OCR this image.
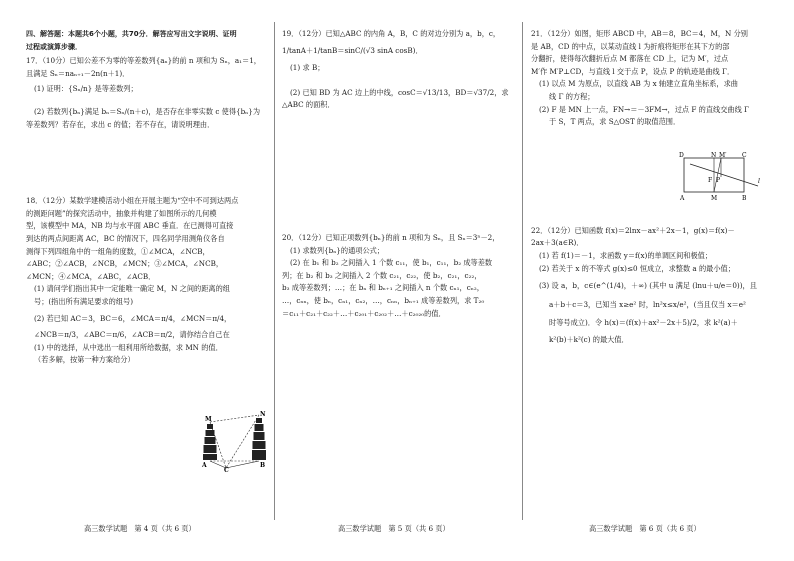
四、解答题：本题共6个小题，共70分．解答应写出文字说明、证明

过程或演算步骤．

17．（10分）已知公差不为零的等差数列{aₙ}的前 n 项和为 Sₙ，a₁＝1，

且满足 Sₙ＝naₙ₊₁－2n(n＋1)．

(1) 证明：{Sₙ/n} 是等差数列；

(2) 若数列{bₙ}满足 bₙ＝Sₙ/(n＋c)，是否存在非零实数 c 使得{bₙ}为

等差数列？若存在，求出 c 的值；若不存在，请说明理由．

18．（12分）某数学建模活动小组在开展主题为“空中不可到达两点

的测距问题”的探究活动中，抽象并构建了如图所示的几何模

型，该模型中 MA，NB 均与水平面 ABC 垂直．在已测得可直接

到达的两点间距离 AC，BC 的情况下，四名同学用测角仪各自

测得下列四组角中的一组角的度数，①∠MCA，∠NCB，

∠ABC；②∠ACB，∠NCB，∠MCN；③∠MCA，∠NCB，

∠MCN；④∠MCA，∠ABC，∠ACB．

(1) 请问学们指出其中一定能唯一确定 M，N 之间的距离的组

号；(指出所有满足要求的组号)

(2) 若已知 AC＝3，BC＝6，∠MCA＝π/4，∠MCN＝π/4，

∠NCB＝π/3，∠ABC＝π/6，∠ACB＝π/2，请你结合自己在

(1) 中的选择，从中选出一组利用所给数据，求 MN 的值．

（若多解，按第一种方案给分）

M
N
A	B
C

19．（12分）已知△ABC 的内角 A，B，C 的对边分别为 a，b，c，

1/tanA＋1/tanB＝sinC/(√3 sinA cosB)．

(1) 求 B；

(2) 已知 BD 为 AC 边上的中线，cosC＝√13/13，BD＝√37/2，求

△ABC 的面积．

20．（12分）已知正项数列{bₙ}的前 n 项和为 Sₙ，且 Sₙ＝3ⁿ－2，

(1) 求数列{bₙ}的通项公式；

(2) 在 b₁ 和 b₂ 之间插入 1 个数 c₁₁，使 b₁，c₁₁，b₂ 成等差数

列；在 b₂ 和 b₃ 之间插入 2 个数 c₂₁，c₂₂，使 b₂，c₂₁，c₂₂，

b₃ 成等差数列；…；在 bₙ 和 bₙ₊₁ 之间插入 n 个数 cₙ₁，cₙ₂，

…，cₙₙ，使 bₙ，cₙ₁，cₙ₂，…，cₙₙ，bₙ₊₁ 成等差数列，求 T₂₀

＝c₁₁＋c₂₁＋c₂₂＋…＋c₂₀₁＋c₂₀₂＋…＋c₂₀₂₀的值．

21．（12分）如图，矩形 ABCD 中，AB＝8，BC＝4，M，N 分别

是 AB，CD 的中点，以某动直线 l 为折痕将矩形在其下方的部

分翻折，使得每次翻折后点 M 都落在 CD 上，记为 M′，过点

M′作 M′P⊥CD，与直线 l 交于点 P，设点 P 的轨迹是曲线 Γ．

(1) 以点 M 为原点，以直线 AB 为 x 轴建立直角坐标系，求曲

线 Γ 的方程；

(2) F 是 MN 上一点，FN→＝－3FM→，过点 F 的直线交曲线 Γ

于 S，T 两点，求 S△OST 的取值范围．

22．（12分）已知函数 f(x)＝2lnx－ax²＋2x－1，g(x)＝f(x)－

2ax＋3(a∈R)．

(1) 若 f(1)＝－1，求函数 y＝f(x)的单调区间和极值；

(2) 若关于 x 的不等式 g(x)≤0 恒成立，求整数 a 的最小值；

(3) 设 a，b，c∈(e^(1/4)，＋∞) (其中 u 满足 (lnu＋u/e＝0))，且

a＋b＋c＝3，已知当 x≥e² 时，ln²x≤x/e²，(当且仅当 x＝e²

时等号成立)．令 h(x)＝(f(x)＋ax²－2x＋5)/2，求 k²(a)＋

k²(b)＋k²(c) 的最大值．

D	N M′	C
F P	l
A	M	B
高三数学试题　第 4 页（共 6 页）	高三数学试题　第 5 页（共 6 页）	高三数学试题　第 6 页（共 6 页）
